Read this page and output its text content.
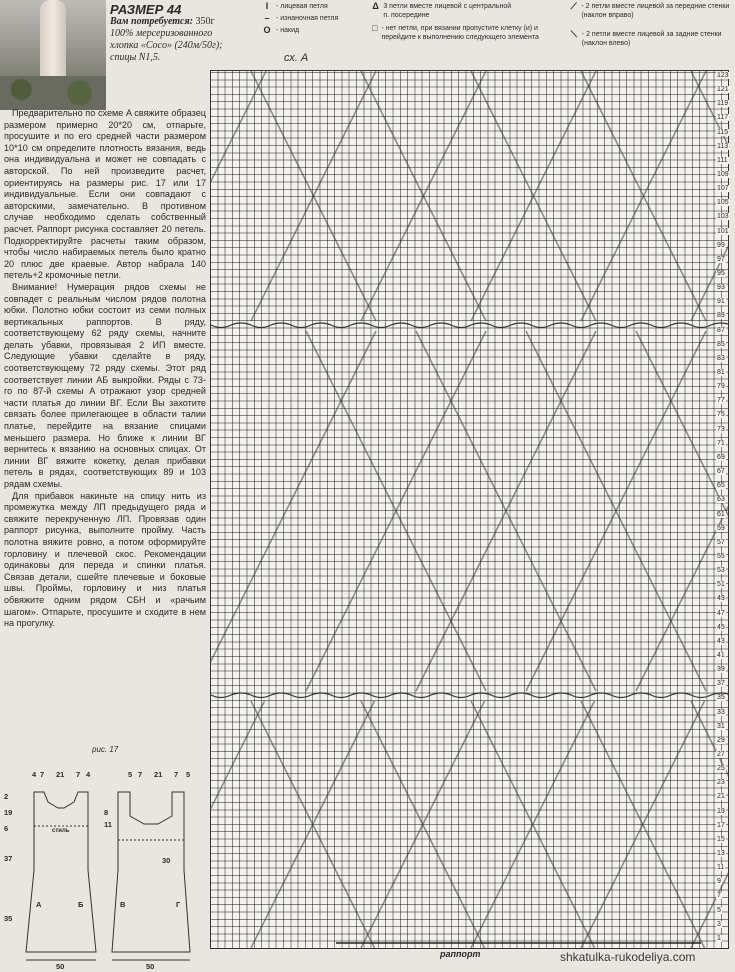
РАЗМЕР 44
Вам потребуется: 350г
100% мерсеризованного
хлопка «Coco» (240м/50г);
спицы N1,5.
I	- лицевая петля
– - изнаночная петля
O - накид
Δ 3 петли вместе лицевой с центральной п. посередине
□ - нет петли, при вязании пропустите клетку (и) и перейдите к выполнению следующего элемента
⟋ - 2 петли вместе лицевой за передние стенки (наклон вправо)
⟍ - 2 петли вместе лицевой за задние стенки (наклон влево)
сх. A

Предварительно по схеме A свяжите образец размером примерно 20*20 см, отпарьте, просушите и по его средней части размером 10*10 см определите плотность вязания, ведь она индивидуальна и может не совпадать с авторской. По ней произведите расчет, ориентируясь на размеры рис. 17 или 17 индивидуальные. Если они совпадают с авторскими, замечательно. В противном случае необходимо сделать собственный расчет. Раппорт рисунка составляет 20 петель. Подкорректируйте расчеты таким образом, чтобы число набираемых петель было кратно 20 плюс две краевые. Автор набрала 140 петель+2 кромочные петли.

Внимание! Нумерация рядов схемы не совпадет с реальным числом рядов полотна юбки. Полотно юбки состоит из семи полных вертикальных раппортов. В ряду, соответствующему 62 ряду схемы, начните делать убавки, провязывая 2 ИП вместе. Следующие убавки сделайте в ряду, соответствующему 72 ряду схемы. Этот ряд соответствует линии АБ выкройки. Ряды с 73-го по 87-й схемы A отражают узор средней части платья до линии ВГ. Если Вы захотите связать более прилегающее в области талии платье, перейдите на вязание спицами меньшего размера. Но ближе к линии ВГ вернитесь к вязанию на основных спицах. От линии ВГ вяжите кокетку, делая прибавки петель в рядах, соответствующих 89 и 103 рядам схемы.

Для прибавок накиньте на спицу нить из промежутка между ЛП предыдущего ряда и свяжите перекрученную ЛП. Провязав один раппорт рисунка, выполните пройму. Часть полотна вяжите ровно, а потом оформируйте горловину и плечевой скос. Рекомендации одинаковы для переда и спинки платья. Связав детали, сшейте плечевые и боковые швы. Проймы, горловину и низ платья обвяжите одним рядом СБН и «рачьим шагом». Отпарьте, просушите и сходите в нем на прогулку.

123
121
119
117
115
113
111
109
107
105
103
101
99
97
95
93
91
89
87
85
83
81
79
77
75
73
71
69
67
65
63
61
59
57
55
53
51
49
47
45
43
41
39
37
35
33
31
29
27
25
23
21
19
17
15
13
11
9
7
5
3
1
раппорт	shkatulka-rukodeliya.com
рис. 17
4 7 21 7 4	5 7 21 7 5
2
19
6
37
35
8
11
стиль
30
50	50
A	Б	В	Г
